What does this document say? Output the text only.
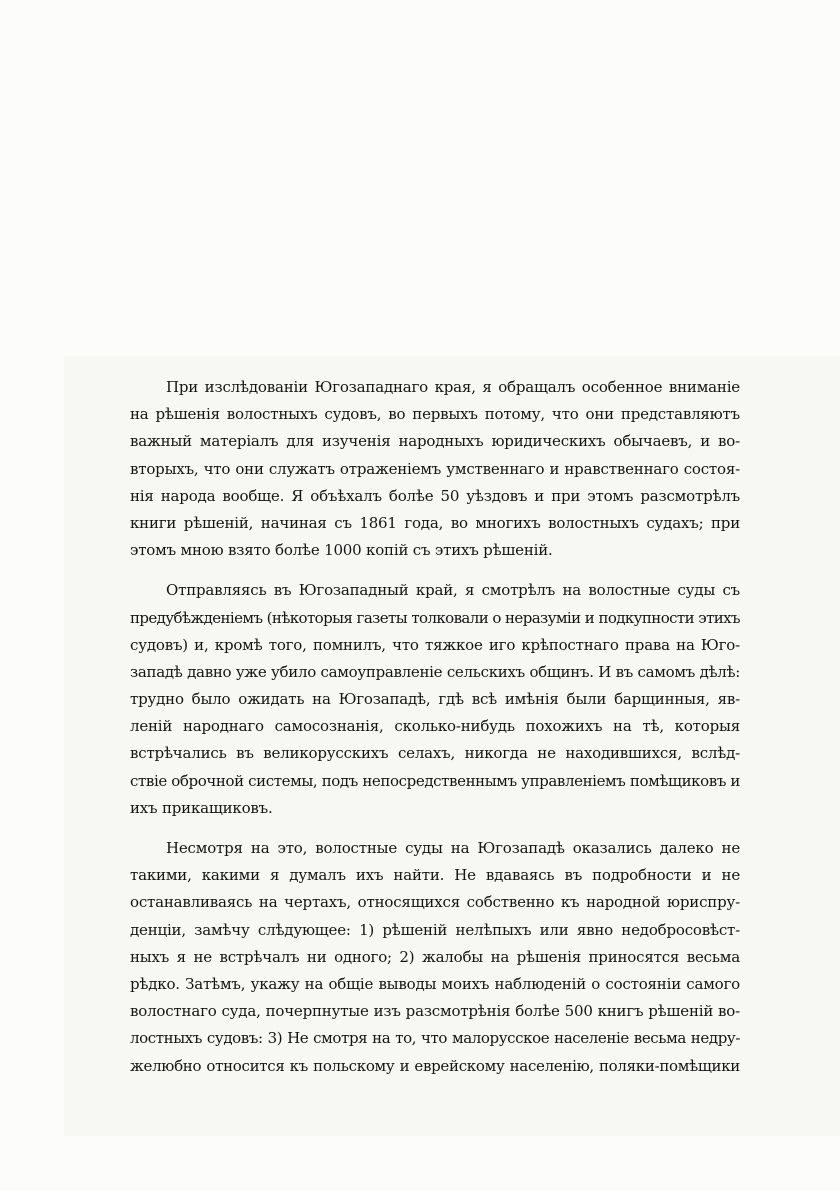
При изслѣдованіи Югозападнаго края, я обращалъ особенное вниманіе
на рѣшенія волостныхъ судовъ, во первыхъ потому, что они представляютъ
важный матеріалъ для изученія народныхъ юридическихъ обычаевъ, и во-
вторыхъ, что они служатъ отраженіемъ умственнаго и нравственнаго состоя-
нія народа вообще. Я объѣхалъ болѣе 50 уѣздовъ и при этомъ разсмотрѣлъ
книги рѣшеній, начиная съ 1861 года, во многихъ волостныхъ судахъ; при
этомъ мною взято болѣе 1000 копій съ этихъ рѣшеній.
Отправляясь въ Югозападный край, я смотрѣлъ на волостные суды съ
предубѣжденіемъ (нѣкоторыя газеты толковали о неразуміи и подкупности этихъ
судовъ) и, кромѣ того, помнилъ, что тяжкое иго крѣпостнаго права на Юго-
западѣ давно уже убило самоуправленіе сельскихъ общинъ. И въ самомъ дѣлѣ:
трудно было ожидать на Югозападѣ, гдѣ всѣ имѣнія были барщинныя, яв-
леній народнаго самосознанія, сколько-нибудь похожихъ на тѣ, которыя
встрѣчались въ великорусскихъ селахъ, никогда не находившихся, вслѣд-
ствіе оброчной системы, подъ непосредственнымъ управленіемъ помѣщиковъ и
ихъ прикащиковъ.
Несмотря на это, волостные суды на Югозападѣ оказались далеко не
такими, какими я думалъ ихъ найти. Не вдаваясь въ подробности и не
останавливаясь на чертахъ, относящихся собственно къ народной юриспру-
денціи, замѣчу слѣдующее: 1) рѣшеній нелѣпыхъ или явно недобросовѣст-
ныхъ я не встрѣчалъ ни одного; 2) жалобы на рѣшенія приносятся весьма
рѣдко. Затѣмъ, укажу на общіе выводы моихъ наблюденій о состояніи самого
волостнаго суда, почерпнутые изъ разсмотрѣнія болѣе 500 книгъ рѣшеній во-
лостныхъ судовъ: 3) Не смотря на то, что малорусское населеніе весьма недру-
желюбно относится къ польскому и еврейскому населенію, поляки-помѣщики
